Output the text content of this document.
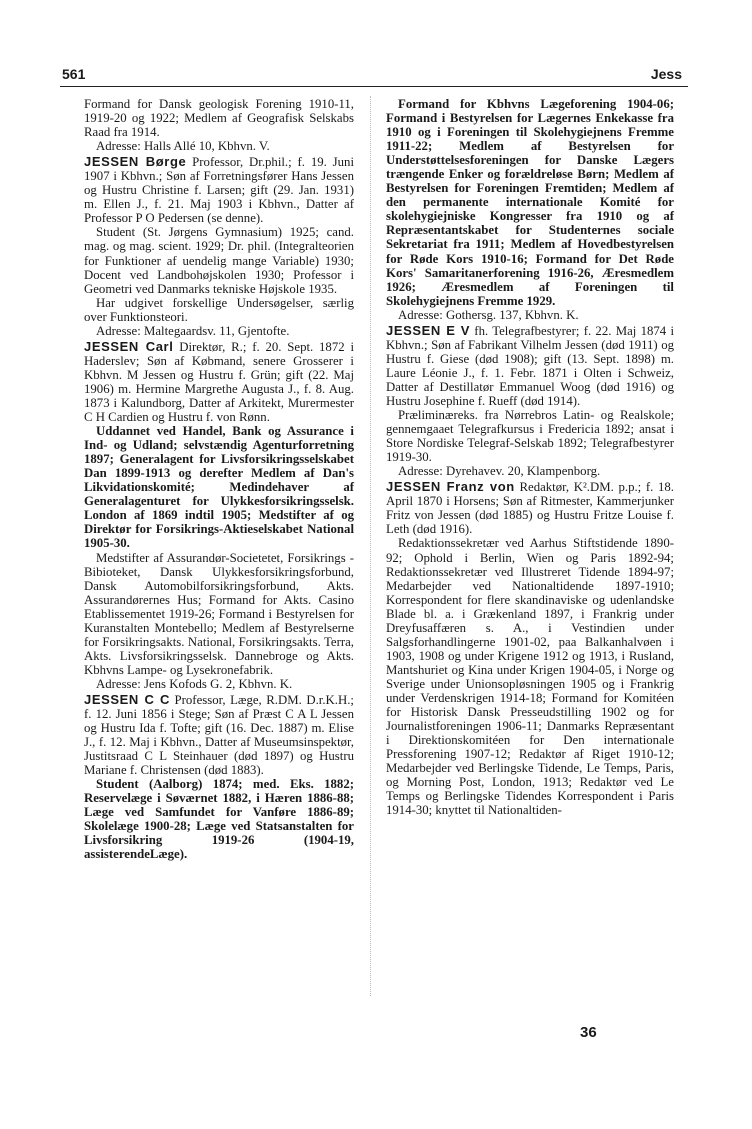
561	Jess

Formand for Dansk geologisk Forening 1910-11, 1919-20 og 1922; Medlem af Geografisk Selskabs Raad fra 1914.

Adresse: Halls Allé 10, Kbhvn. V.

JESSEN Børge Professor, Dr.phil.; f. 19. Juni 1907 i Kbhvn.; Søn af Forretningsfører Hans Jessen og Hustru Christine f. Larsen; gift (29. Jan. 1931) m. Ellen J., f. 21. Maj 1903 i Kbhvn., Datter af Professor P O Pedersen (se denne).

Student (St. Jørgens Gymnasium) 1925; cand. mag. og mag. scient. 1929; Dr. phil. (Integralteorien for Funktioner af uendelig mange Variable) 1930; Docent ved Landbohøjskolen 1930; Professor i Geometri ved Danmarks tekniske Højskole 1935.

Har udgivet forskellige Undersøgelser, særlig over Funktionsteori.

Adresse: Maltegaardsv. 11, Gjentofte.

JESSEN Carl Direktør, R.; f. 20. Sept. 1872 i Haderslev; Søn af Købmand, senere Grosserer i Kbhvn. M Jessen og Hustru f. Grün; gift (22. Maj 1906) m. Hermine Margrethe Augusta J., f. 8. Aug. 1873 i Kalundborg, Datter af Arkitekt, Murermester C H Cardien og Hustru f. von Rønn.

Uddannet ved Handel, Bank og Assurance i Ind- og Udland; selvstændig Agenturforretning 1897; Generalagent for Livsforsikringsselskabet Dan 1899-1913 og derefter Medlem af Dan's Likvidationskomité; Medindehaver af Generalagenturet for Ulykkesforsikringsselsk. London af 1869 indtil 1905; Medstifter af og Direktør for Forsikrings-Aktieselskabet National 1905-30.

Medstifter af Assurandør-Societetet, Forsikrings - Bibioteket, Dansk Ulykkesforsikringsforbund, Dansk Automobilforsikringsforbund, Akts. Assurandørernes Hus; Formand for Akts. Casino Etablissementet 1919-26; Formand i Bestyrelsen for Kuranstalten Montebello; Medlem af Bestyrelserne for Forsikringsakts. National, Forsikringsakts. Terra, Akts. Livsforsikringsselsk. Dannebroge og Akts. Kbhvns Lampe- og Lysekronefabrik.

Adresse: Jens Kofods G. 2, Kbhvn. K.

JESSEN C C Professor, Læge, R.DM. D.r.K.H.; f. 12. Juni 1856 i Stege; Søn af Præst C A L Jessen og Hustru Ida f. Tofte; gift (16. Dec. 1887) m. Elise J., f. 12. Maj i Kbhvn., Datter af Museumsinspektør, Justitsraad C L Steinhauer (død 1897) og Hustru Mariane f. Christensen (død 1883).

Student (Aalborg) 1874; med. Eks. 1882; Reservelæge i Søværnet 1882, i Hæren 1886-88; Læge ved Samfundet for Vanføre 1886-89; Skolelæge 1900-28; Læge ved Statsanstalten for Livsforsikring 1919-26 (1904-19, assisterendeLæge).

Formand for Kbhvns Lægeforening 1904-06; Formand i Bestyrelsen for Lægernes Enkekasse fra 1910 og i Foreningen til Skolehygiejnens Fremme 1911-22; Medlem af Bestyrelsen for Understøttelsesforeningen for Danske Lægers trængende Enker og forældreløse Børn; Medlem af Bestyrelsen for Foreningen Fremtiden; Medlem af den permanente internationale Komité for skolehygiejniske Kongresser fra 1910 og af Repræsentantskabet for Studenternes sociale Sekretariat fra 1911; Medlem af Hovedbestyrelsen for Røde Kors 1910-16; Formand for Det Røde Kors' Samaritanerforening 1916-26, Æresmedlem 1926; Æresmedlem af Foreningen til Skolehygiejnens Fremme 1929.

Adresse: Gothersg. 137, Kbhvn. K.

JESSEN E V fh. Telegrafbestyrer; f. 22. Maj 1874 i Kbhvn.; Søn af Fabrikant Vilhelm Jessen (død 1911) og Hustru f. Giese (død 1908); gift (13. Sept. 1898) m. Laure Léonie J., f. 1. Febr. 1871 i Olten i Schweiz, Datter af Destillatør Emmanuel Woog (død 1916) og Hustru Josephine f. Rueff (død 1914).

Præliminæreks. fra Nørrebros Latin- og Realskole; gennemgaaet Telegrafkursus i Fredericia 1892; ansat i Store Nordiske Telegraf-Selskab 1892; Telegrafbestyrer 1919-30.

Adresse: Dyrehavev. 20, Klampenborg.

JESSEN Franz von Redaktør, K².DM. p.p.; f. 18. April 1870 i Horsens; Søn af Ritmester, Kammerjunker Fritz von Jessen (død 1885) og Hustru Fritze Louise f. Leth (død 1916).

Redaktionssekretær ved Aarhus Stiftstidende 1890-92; Ophold i Berlin, Wien og Paris 1892-94; Redaktionssekretær ved Illustreret Tidende 1894-97; Medarbejder ved Nationaltidende 1897-1910; Korrespondent for flere skandinaviske og udenlandske Blade bl. a. i Grækenland 1897, i Frankrig under Dreyfusaffæren s. A., i Vestindien under Salgsforhandlingerne 1901-02, paa Balkanhalvøen i 1903, 1908 og under Krigene 1912 og 1913, i Rusland, Mantshuriet og Kina under Krigen 1904-05, i Norge og Sverige under Unionsopløsningen 1905 og i Frankrig under Verdenskrigen 1914-18; Formand for Komitéen for Historisk Dansk Presseudstilling 1902 og for Journalistforeningen 1906-11; Danmarks Repræsentant i Direktionskomitéen for Den internationale Pressforening 1907-12; Redaktør af Riget 1910-12; Medarbejder ved Berlingske Tidende, Le Temps, Paris, og Morning Post, London, 1913; Redaktør ved Le Temps og Berlingske Tidendes Korrespondent i Paris 1914-30; knyttet til Nationaltiden-

36
